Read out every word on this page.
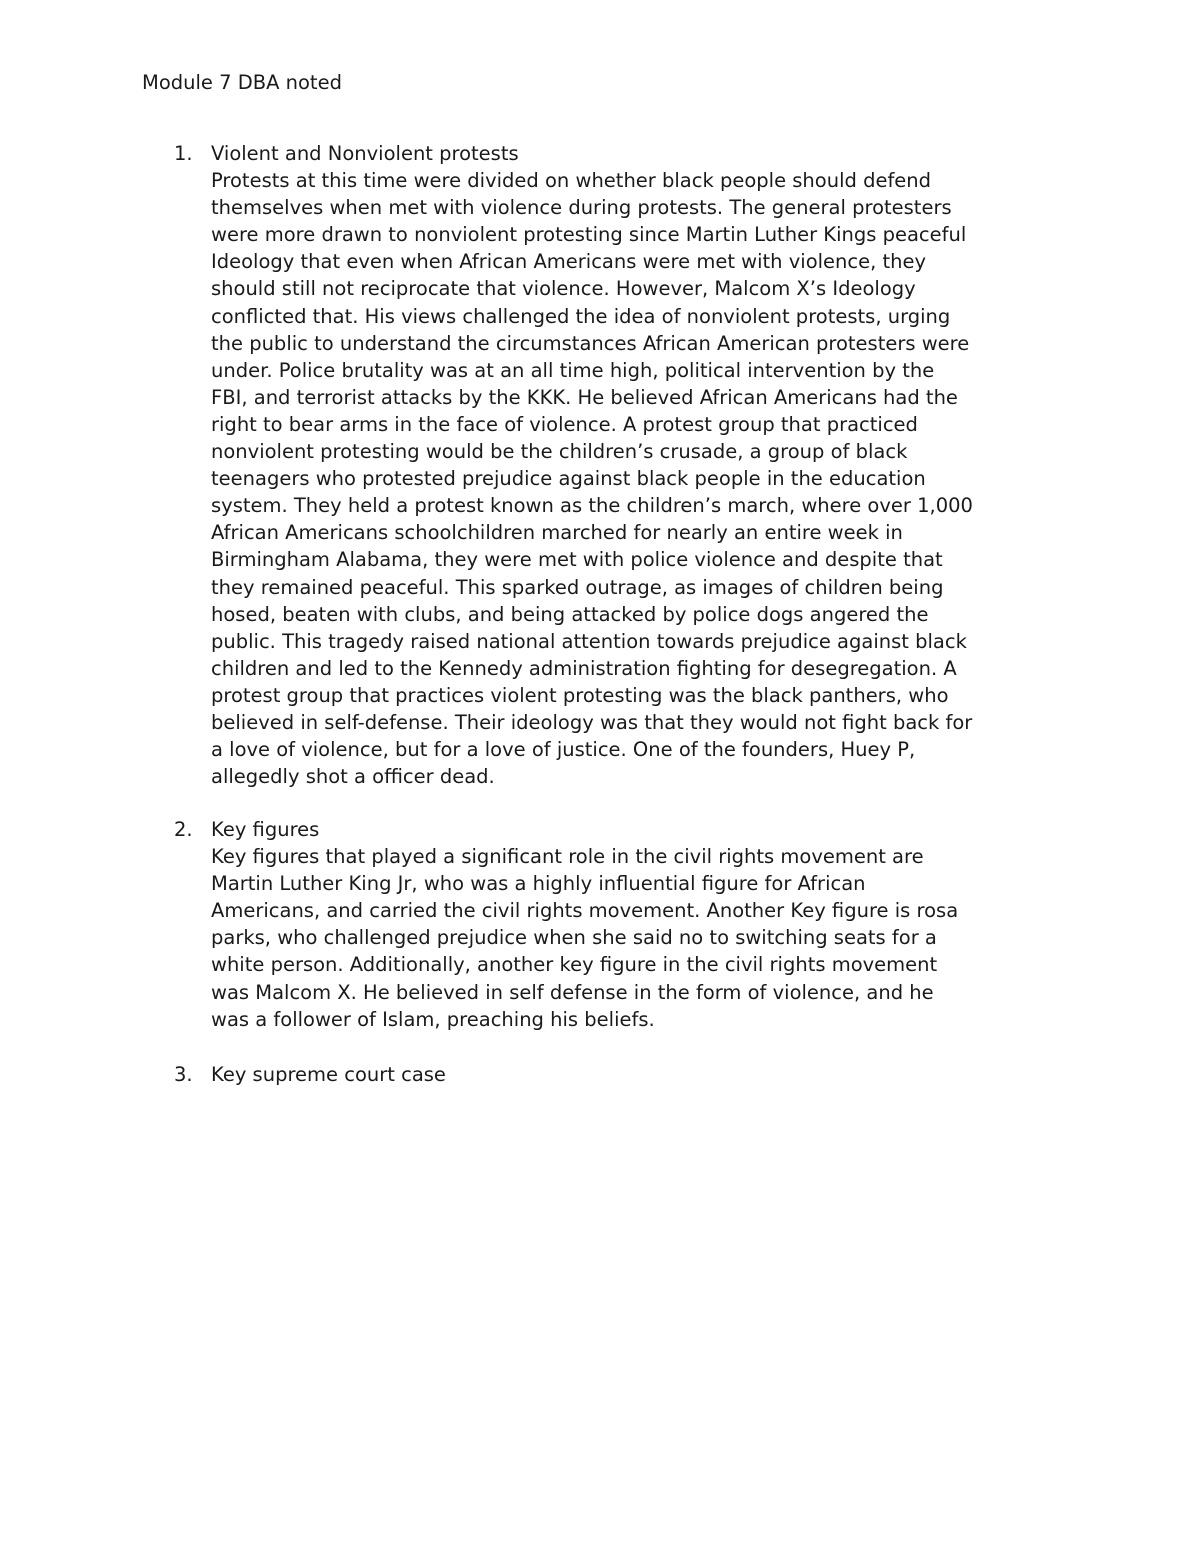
Module 7 DBA noted
1. Violent and Nonviolent protests
Protests at this time were divided on whether black people should defend
themselves when met with violence during protests. The general protesters
were more drawn to nonviolent protesting since Martin Luther Kings peaceful
Ideology that even when African Americans were met with violence, they
should still not reciprocate that violence. However, Malcom X’s Ideology
conflicted that. His views challenged the idea of nonviolent protests, urging
the public to understand the circumstances African American protesters were
under. Police brutality was at an all time high, political intervention by the
FBI, and terrorist attacks by the KKK. He believed African Americans had the
right to bear arms in the face of violence. A protest group that practiced
nonviolent protesting would be the children’s crusade, a group of black
teenagers who protested prejudice against black people in the education
system. They held a protest known as the children’s march, where over 1,000
African Americans schoolchildren marched for nearly an entire week in
Birmingham Alabama, they were met with police violence and despite that
they remained peaceful. This sparked outrage, as images of children being
hosed, beaten with clubs, and being attacked by police dogs angered the
public. This tragedy raised national attention towards prejudice against black
children and led to the Kennedy administration fighting for desegregation. A
protest group that practices violent protesting was the black panthers, who
believed in self-defense. Their ideology was that they would not fight back for
a love of violence, but for a love of justice. One of the founders, Huey P,
allegedly shot a officer dead.
2. Key figures
Key figures that played a significant role in the civil rights movement are
Martin Luther King Jr, who was a highly influential figure for African
Americans, and carried the civil rights movement. Another Key figure is rosa
parks, who challenged prejudice when she said no to switching seats for a
white person. Additionally, another key figure in the civil rights movement
was Malcom X. He believed in self defense in the form of violence, and he
was a follower of Islam, preaching his beliefs.
3. Key supreme court case
